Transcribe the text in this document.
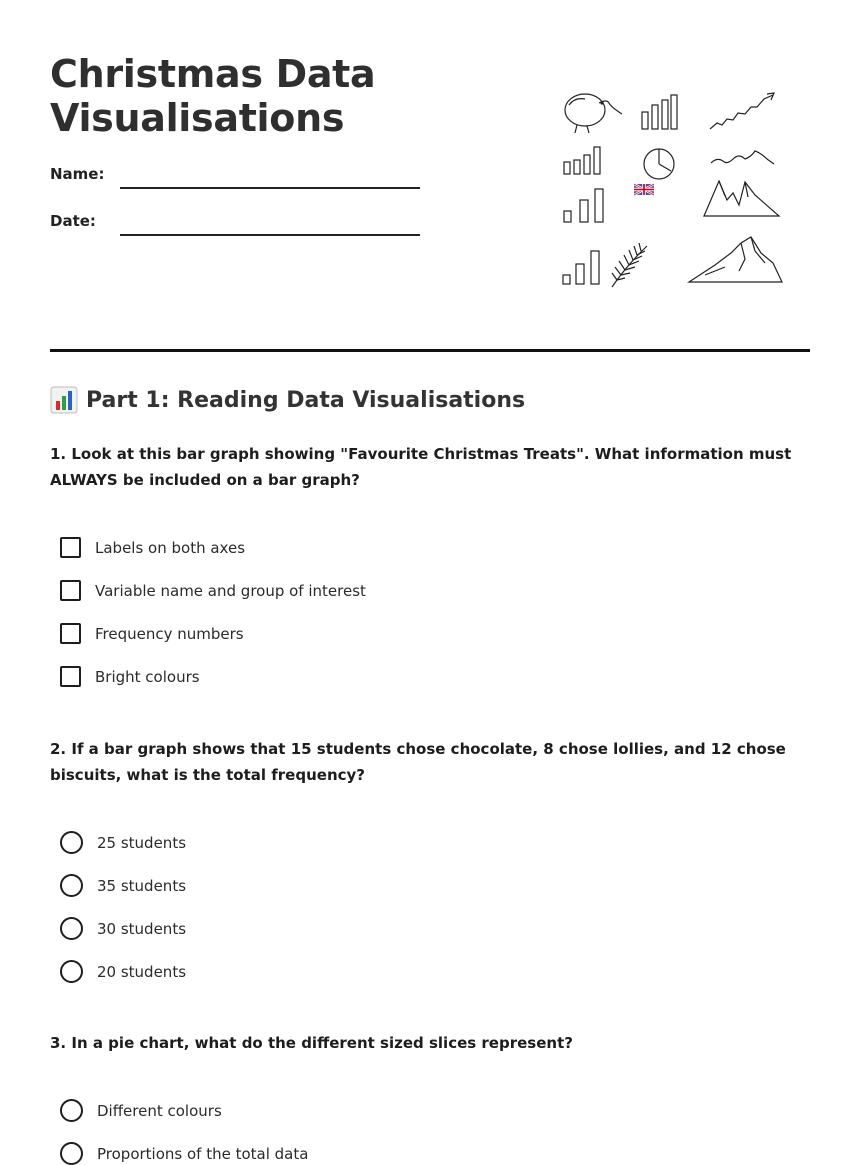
Christmas Data
Visualisations
Name:
Date:
Part 1: Reading Data Visualisations

1. Look at this bar graph showing "Favourite Christmas Treats". What information must ALWAYS be included on a bar graph?

Labels on both axes
Variable name and group of interest
Frequency numbers
Bright colours

2. If a bar graph shows that 15 students chose chocolate, 8 chose lollies, and 12 chose biscuits, what is the total frequency?

25 students
35 students
30 students
20 students

3. In a pie chart, what do the different sized slices represent?

Different colours
Proportions of the total data
